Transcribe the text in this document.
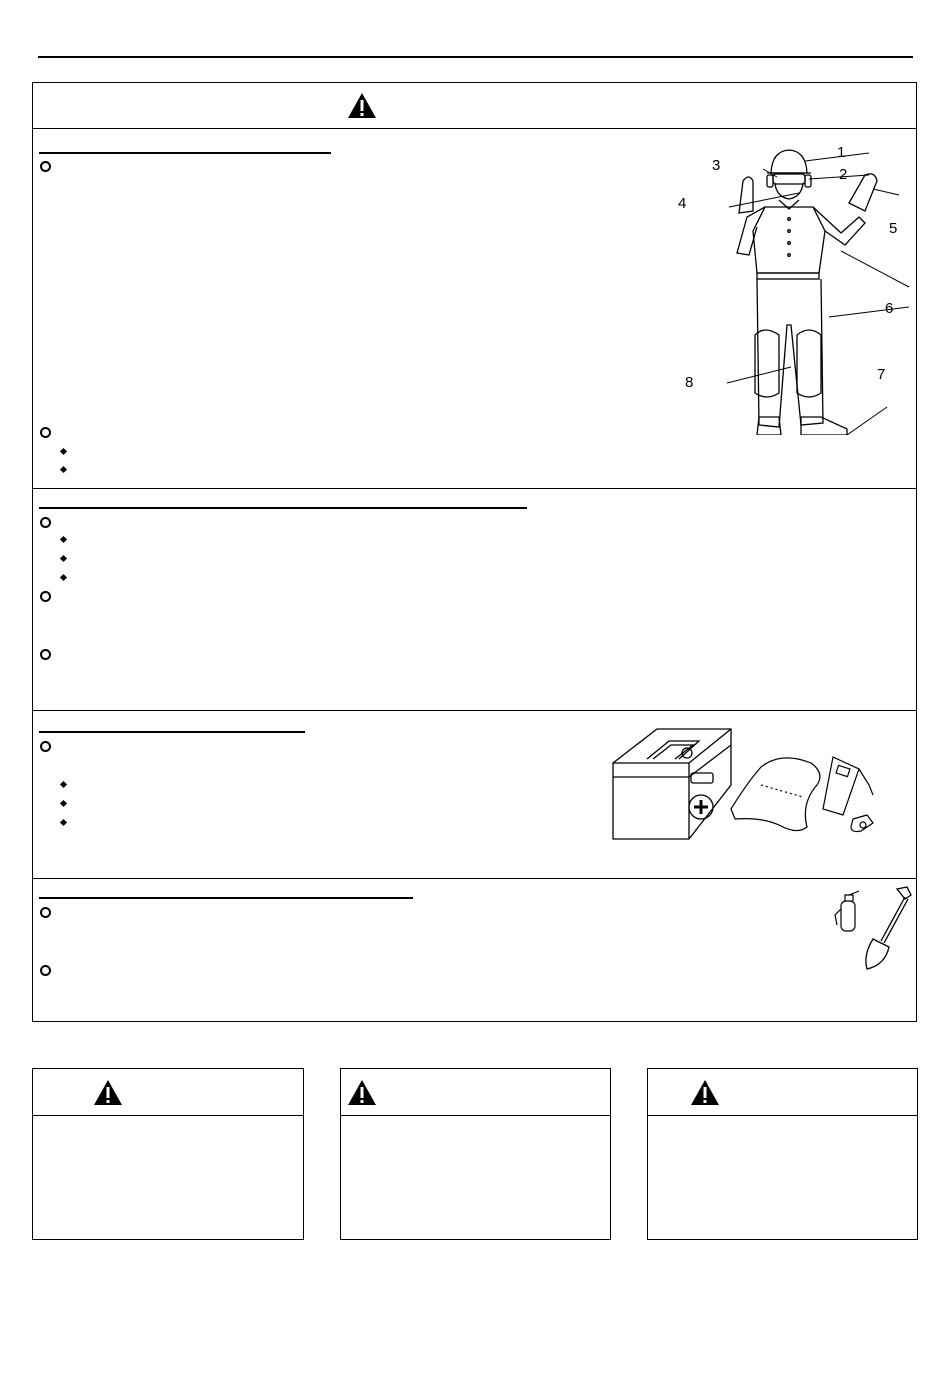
1
2
3
4
5
6
7
8
